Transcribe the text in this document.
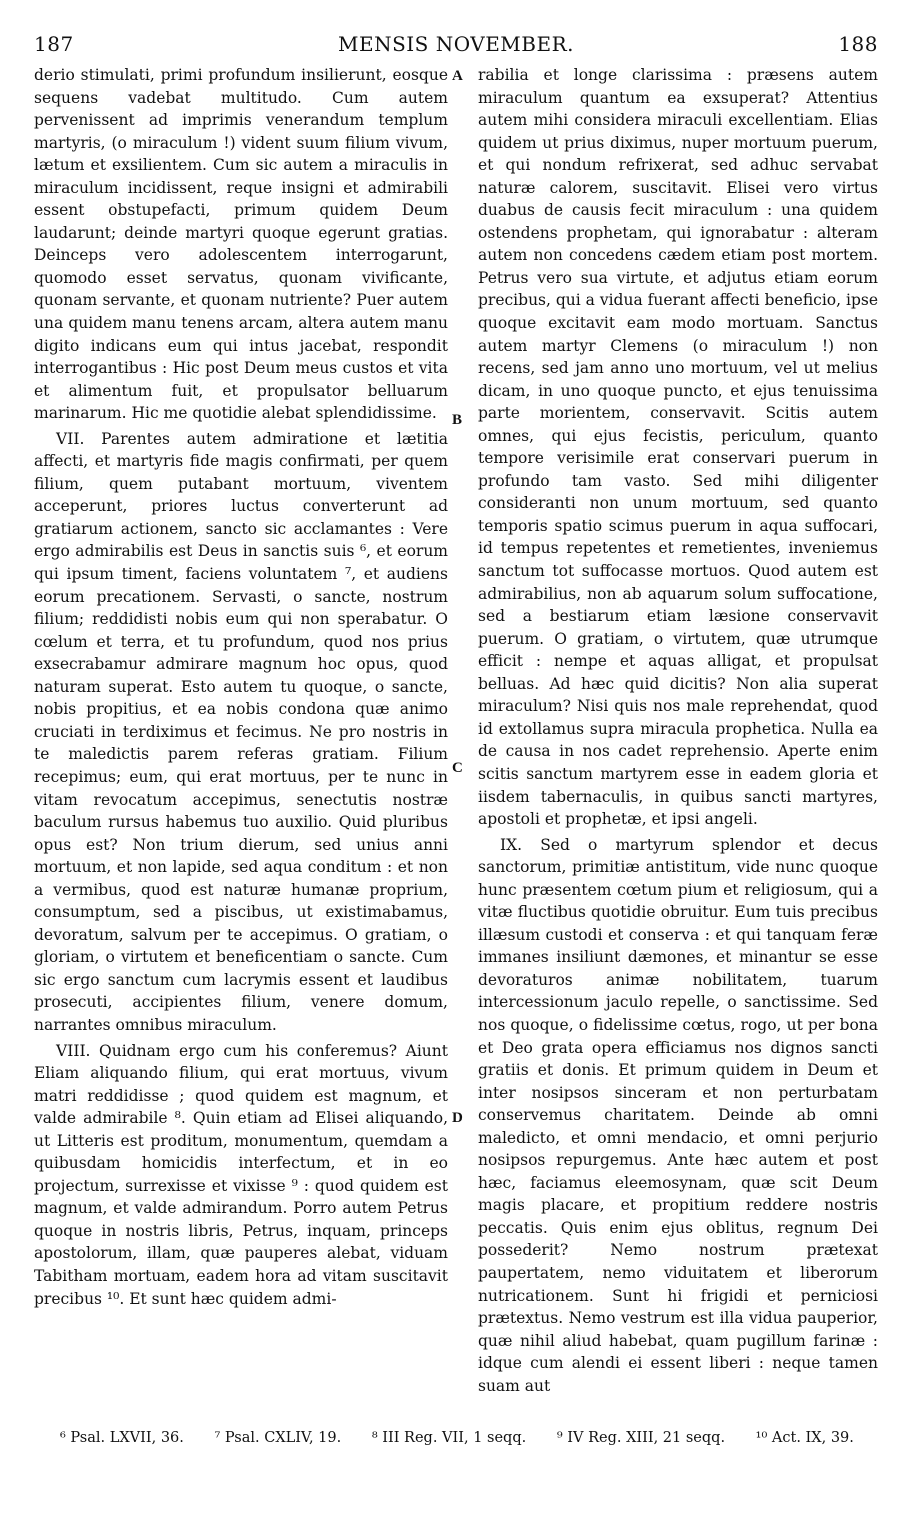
187	MENSIS NOVEMBER.	188

derio stimulati, primi profundum insilierunt, eosque sequens vadebat multitudo. Cum autem pervenissent ad imprimis venerandum templum martyris, (o miraculum !) vident suum filium vivum, lætum et exsilientem. Cum sic autem a miraculis in miraculum incidissent, reque insigni et admirabili essent obstupefacti, primum quidem Deum laudarunt; deinde martyri quoque egerunt gratias. Deinceps vero adolescentem interrogarunt, quomodo esset servatus, quonam vivificante, quonam servante, et quonam nutriente? Puer autem una quidem manu tenens arcam, altera autem manu digito indicans eum qui intus jacebat, respondit interrogantibus : Hic post Deum meus custos et vita et alimentum fuit, et propulsator belluarum marinarum. Hic me quotidie alebat splendidissime.

VII. Parentes autem admiratione et lætitia affecti, et martyris fide magis confirmati, per quem filium, quem putabant mortuum, viventem acceperunt, priores luctus converterunt ad gratiarum actionem, sancto sic acclamantes : Vere ergo admirabilis est Deus in sanctis suis ⁶, et eorum qui ipsum timent, faciens voluntatem ⁷, et audiens eorum precationem. Servasti, o sancte, nostrum filium; reddidisti nobis eum qui non sperabatur. O cœlum et terra, et tu profundum, quod nos prius exsecrabamur admirare magnum hoc opus, quod naturam superat. Esto autem tu quoque, o sancte, nobis propitius, et ea nobis condona quæ animo cruciati in terdiximus et fecimus. Ne pro nostris in te maledictis parem referas gratiam. Filium recepimus; eum, qui erat mortuus, per te nunc in vitam revocatum accepimus, senectutis nostræ baculum rursus habemus tuo auxilio. Quid pluribus opus est? Non trium dierum, sed unius anni mortuum, et non lapide, sed aqua conditum : et non a vermibus, quod est naturæ humanæ proprium, consumptum, sed a piscibus, ut existimabamus, devoratum, salvum per te accepimus. O gratiam, o gloriam, o virtutem et beneficentiam o sancte. Cum sic ergo sanctum cum lacrymis essent et laudibus prosecuti, accipientes filium, venere domum, narrantes omnibus miraculum.

VIII. Quidnam ergo cum his conferemus? Aiunt Eliam aliquando filium, qui erat mortuus, vivum matri reddidisse ; quod quidem est magnum, et valde admirabile ⁸. Quin etiam ad Elisei aliquando, ut Litteris est proditum, monumentum, quemdam a quibusdam homicidis interfectum, et in eo projectum, surrexisse et vixisse ⁹ : quod quidem est magnum, et valde admirandum. Porro autem Petrus quoque in nostris libris, Petrus, inquam, princeps apostolorum, illam, quæ pauperes alebat, viduam Tabitham mortuam, eadem hora ad vitam suscitavit precibus ¹⁰. Et sunt hæc quidem admi-

A
B
C
D

rabilia et longe clarissima : præsens autem miraculum quantum ea exsuperat? Attentius autem mihi considera miraculi excellentiam. Elias quidem ut prius diximus, nuper mortuum puerum, et qui nondum refrixerat, sed adhuc servabat naturæ calorem, suscitavit. Elisei vero virtus duabus de causis fecit miraculum : una quidem ostendens prophetam, qui ignorabatur : alteram autem non concedens cædem etiam post mortem. Petrus vero sua virtute, et adjutus etiam eorum precibus, qui a vidua fuerant affecti beneficio, ipse quoque excitavit eam modo mortuam. Sanctus autem martyr Clemens (o miraculum !) non recens, sed jam anno uno mortuum, vel ut melius dicam, in uno quoque puncto, et ejus tenuissima parte morientem, conservavit. Scitis autem omnes, qui ejus fecistis, periculum, quanto tempore verisimile erat conservari puerum in profundo tam vasto. Sed mihi diligenter consideranti non unum mortuum, sed quanto temporis spatio scimus puerum in aqua suffocari, id tempus repetentes et remetientes, inveniemus sanctum tot suffocasse mortuos. Quod autem est admirabilius, non ab aquarum solum suffocatione, sed a bestiarum etiam læsione conservavit puerum. O gratiam, o virtutem, quæ utrumque efficit : nempe et aquas alligat, et propulsat belluas. Ad hæc quid dicitis? Non alia superat miraculum? Nisi quis nos male reprehendat, quod id extollamus supra miracula prophetica. Nulla ea de causa in nos cadet reprehensio. Aperte enim scitis sanctum martyrem esse in eadem gloria et iisdem tabernaculis, in quibus sancti martyres, apostoli et prophetæ, et ipsi angeli.

IX. Sed o martyrum splendor et decus sanctorum, primitiæ antistitum, vide nunc quoque hunc præsentem cœtum pium et religiosum, qui a vitæ fluctibus quotidie obruitur. Eum tuis precibus illæsum custodi et conserva : et qui tanquam feræ immanes insiliunt dæmones, et minantur se esse devoraturos animæ nobilitatem, tuarum intercessionum jaculo repelle, o sanctissime. Sed nos quoque, o fidelissime cœtus, rogo, ut per bona et Deo grata opera efficiamus nos dignos sancti gratiis et donis. Et primum quidem in Deum et inter nosipsos sinceram et non perturbatam conservemus charitatem. Deinde ab omni maledicto, et omni mendacio, et omni perjurio nosipsos repurgemus. Ante hæc autem et post hæc, faciamus eleemosynam, quæ scit Deum magis placare, et propitium reddere nostris peccatis. Quis enim ejus oblitus, regnum Dei possederit? Nemo nostrum prætexat paupertatem, nemo viduitatem et liberorum nutricationem. Sunt hi frigidi et perniciosi prætextus. Nemo vestrum est illa vidua pauperior, quæ nihil aliud habebat, quam pugillum farinæ : idque cum alendi ei essent liberi : neque tamen suam aut

⁶ Psal. LXVII, 36. ⁷ Psal. CXLIV, 19. ⁸ III Reg. VII, 1 seqq. ⁹ IV Reg. XIII, 21 seqq. ¹⁰ Act. IX, 39.
